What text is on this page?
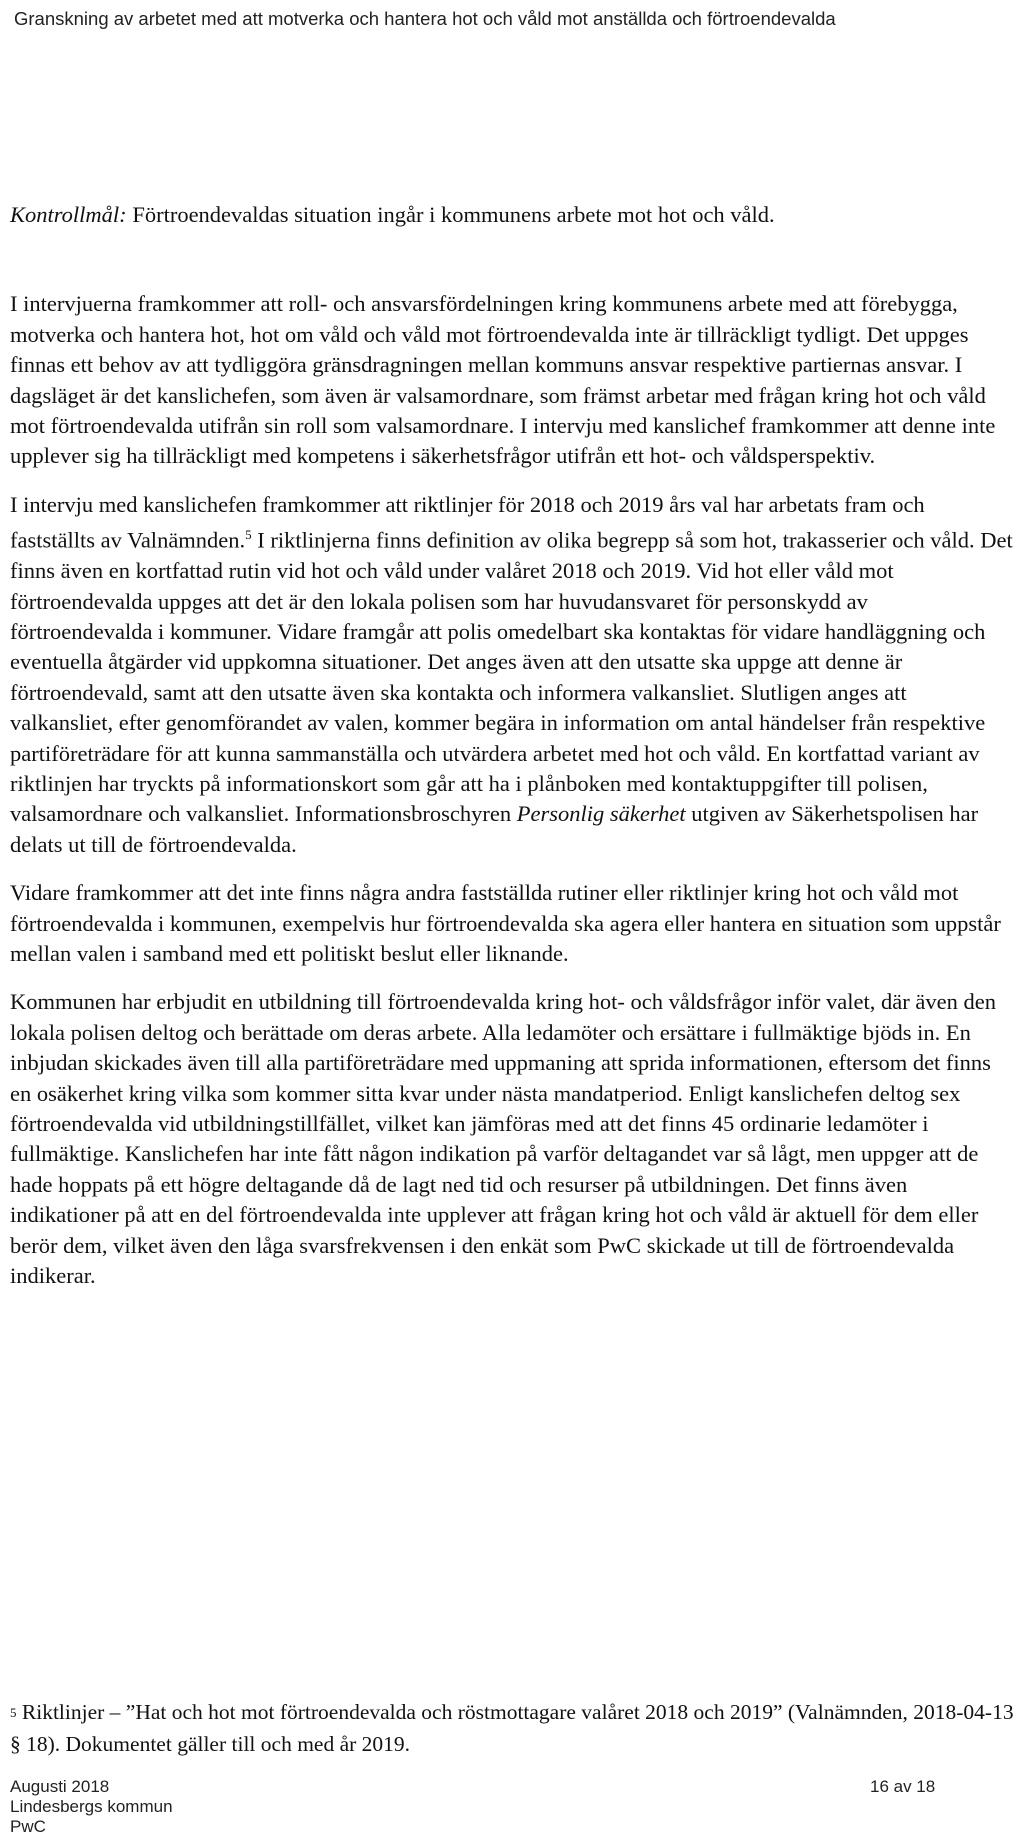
Granskning av arbetet med att motverka och hantera hot och våld mot anställda och förtroendevalda

Kontrollmål: Förtroendevaldas situation ingår i kommunens arbete mot hot och våld.

I intervjuerna framkommer att roll- och ansvarsfördelningen kring kommunens arbete med att förebygga, motverka och hantera hot, hot om våld och våld mot förtroendevalda inte är tillräckligt tydligt. Det uppges finnas ett behov av att tydliggöra gränsdragningen mellan kommuns ansvar respektive partiernas ansvar. I dagsläget är det kanslichefen, som även är valsamordnare, som främst arbetar med frågan kring hot och våld mot förtroendevalda utifrån sin roll som valsamordnare. I intervju med kanslichef framkommer att denne inte upplever sig ha tillräckligt med kompetens i säkerhetsfrågor utifrån ett hot- och våldsperspektiv.

I intervju med kanslichefen framkommer att riktlinjer för 2018 och 2019 års val har arbetats fram och fastställts av Valnämnden.$^5$ I riktlinjerna finns definition av olika begrepp så som hot, trakasserier och våld. Det finns även en kortfattad rutin vid hot och våld under valåret 2018 och 2019. Vid hot eller våld mot förtroendevalda uppges att det är den lokala polisen som har huvudansvaret för personskydd av förtroendevalda i kommuner. Vidare framgår att polis omedelbart ska kontaktas för vidare handläggning och eventuella åtgärder vid uppkomna situationer. Det anges även att den utsatte ska uppge att denne är förtroendevald, samt att den utsatte även ska kontakta och informera valkansliet. Slutligen anges att valkansliet, efter genomförandet av valen, kommer begära in information om antal händelser från respektive partiföreträdare för att kunna sammanställa och utvärdera arbetet med hot och våld. En kortfattad variant av riktlinjen har tryckts på informationskort som går att ha i plånboken med kontaktuppgifter till polisen, valsamordnare och valkansliet. Informationsbroschyren Personlig säkerhet utgiven av Säkerhetspolisen har delats ut till de förtroendevalda.

Vidare framkommer att det inte finns några andra fastställda rutiner eller riktlinjer kring hot och våld mot förtroendevalda i kommunen, exempelvis hur förtroendevalda ska agera eller hantera en situation som uppstår mellan valen i samband med ett politiskt beslut eller liknande.

Kommunen har erbjudit en utbildning till förtroendevalda kring hot- och våldsfrågor inför valet, där även den lokala polisen deltog och berättade om deras arbete. Alla ledamöter och ersättare i fullmäktige bjöds in. En inbjudan skickades även till alla partiföreträdare med uppmaning att sprida informationen, eftersom det finns en osäkerhet kring vilka som kommer sitta kvar under nästa mandatperiod. Enligt kanslichefen deltog sex förtroendevalda vid utbildningstillfället, vilket kan jämföras med att det finns 45 ordinarie ledamöter i fullmäktige. Kanslichefen har inte fått någon indikation på varför deltagandet var så lågt, men uppger att de hade hoppats på ett högre deltagande då de lagt ned tid och resurser på utbildningen. Det finns även indikationer på att en del förtroendevalda inte upplever att frågan kring hot och våld är aktuell för dem eller berör dem, vilket även den låga svarsfrekvensen i den enkät som PwC skickade ut till de förtroendevalda indikerar.

$^5$ Riktlinjer – ”Hat och hot mot förtroendevalda och röstmottagare valåret 2018 och 2019” (Valnämnden, 2018-04-13 § 18). Dokumentet gäller till och med år 2019.
Augusti 2018
Lindesbergs kommun
PwC
16 av 18
